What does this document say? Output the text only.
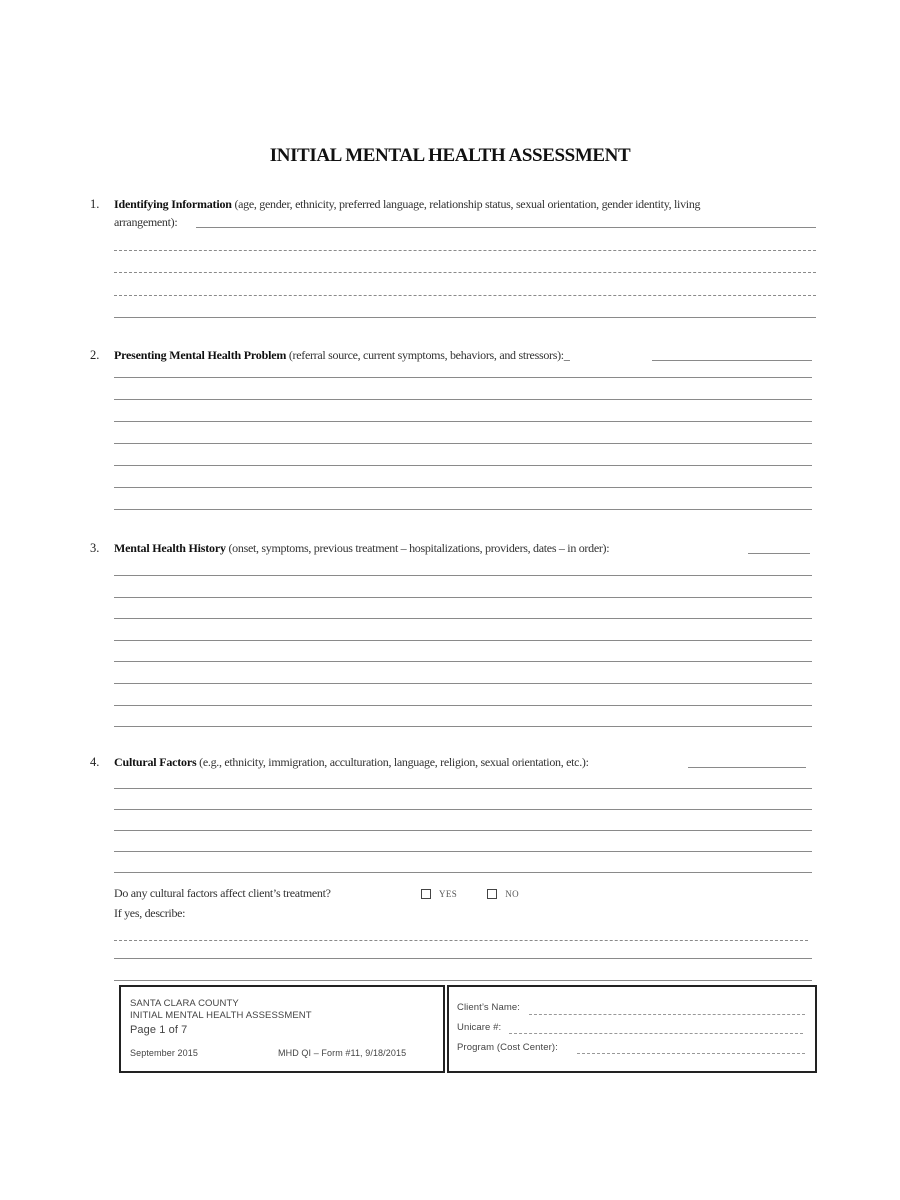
INITIAL MENTAL HEALTH ASSESSMENT
1. Identifying Information (age, gender, ethnicity, preferred language, relationship status, sexual orientation, gender identity, living
arrangement):
2. Presenting Mental Health Problem (referral source, current symptoms, behaviors, and stressors):_
3. Mental Health History (onset, symptoms, previous treatment – hospitalizations, providers, dates – in order):
4. Cultural Factors (e.g., ethnicity, immigration, acculturation, language, religion, sexual orientation, etc.):
Do any cultural factors affect client’s treatment?	YES	NO
If yes, describe:
SANTA CLARA COUNTY
INITIAL MENTAL HEALTH ASSESSMENT
Page 1 of 7
September 2015	MHD QI – Form #11, 9/18/2015
Client’s Name:
Unicare #:
Program (Cost Center):
